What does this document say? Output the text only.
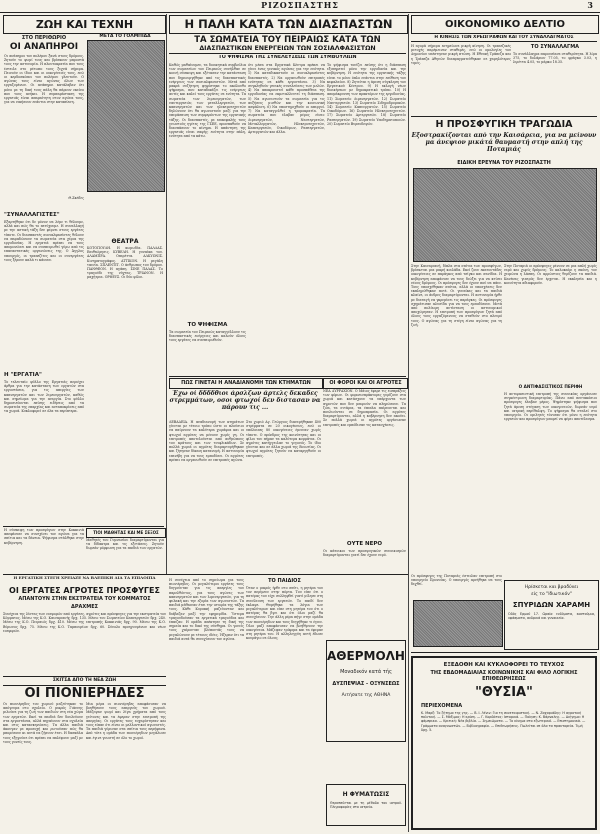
ΡΙΖΟΣΠΑΣΤΗΣ	3
ΖΩΗ ΚΑΙ ΤΕΧΝΗ
ΣΤΟ ΠΕΡΙΘΩΡΙΟ
ΟΙ ΑΝΑΠΗΡΟΙ
Οι ανάπηροι του πολέμου ξανά στους δρόμους. Ζητούν το ψωμί τους και βρίσκουν μπροστά τους την αστυνομία. Η πλουτοκρατία που τους έστειλε στο μέτωπο τους ξεχνά σήμερα. Πεινούν οι ίδιοι και οι οικογένειές τους, ενώ οι κερδοσκόποι του πολέμου γλεντούν. Ο αγώνας τους είναι αγώνας όλων των εργαζομένων. Οι ανάπηροι κατάλαβαν ότι μόνο με τη δική τους πάλη θα πάρουν εκείνο που τους ανήκει. Η συμπαράσταση της εργατιάς είναι απαραίτητη στον αγώνα τους, για να νικήσουν ενάντια στην καταπίεση.
ΜΕΤΑ ΤΟ ΓΟΛΜΠΙΔΑ
Θ.Σκέδες
"ΣΥΝΑΛΛΑΓΙΣΤΕΣ"
Εξαρτήθηκε ότι δε μόνον να λέμε τι θέλουμε, αλλά και πώς θα το πετύχουμε. Η συναλλαγή με την αστική τάξη δεν φέρνει στους εργάτες τίποτε. Οι διασπαστές σοσιαλφασίστες θέλουν να παραδώσουν τα σωματεία στα χέρια της εργοδοσίας. Η εργατιά πρέπει να τους απομονώσει και να συσπειρωθεί γύρω από τις επαναστατικές οργανώσεις της. Ο Άγγλος υπουργός, οι τραπεζίτες και οι συνεργάτες τους ξέρουν καλά τι κάνουν.
Η "ΕΡΓΑΤΙΑ"
Το τελευταίο φύλλο της Εργατιάς περιέχει άρθρα για την κατάσταση των εργατών στα εργοστάσια, για τις απεργίες των καπνεργατών και των λιμενεργατών, καθώς και σημείωμα για την ανεργία. Στο φύλλο δημοσιεύονται επίσης ειδήσεις από τα σωματεία της επαρχίας και ανταποκρίσεις από τα χωριά. Κυκλοφορεί σε όλα τα περίπτερα.
ΘΕΑΤΡΑ
ΚΟΤΟΠΟΥΛΗ. Η κωμωδία. ΠΑΛΛΑΣ. Επιθεώρησις. ΚΥΒΕΛΗ. Η γυναίκα του. ΑΛΑΜΠΡΑ. Οπερέττα. ΑΛΚΥΩΝΙΣ. Κινηματογράφος. ΑΤΤΙΚΟΝ. Η μεγάλη ταινία. ΣΠΛΕΝΤΙΤ. Ο άνθρωπος του δρόμου. ΠΑΝΘΕΟΝ. Η αγάπη. ΣΙΝΕ ΠΑΛΑΣ. Το τραγούδι της νύχτας. ΤΡΙΑΝΟΝ. Η μαχήτρια. ΟΡΦΕΥΣ. Οι δύο φίλοι.
ΤΙΟΙ ΜΑΘΗΤΑΣ ΚΑΙ ΜΕ ΣΕΞΟΣ
Μαθητές του Γυμνασίου διαμαρτύρονται για τα δίδακτρα και τις εξετάσεις. Ζητούν δωρεάν μόρφωση για τα παιδιά των εργατών.
Η σύσκεψη των προσφύγων στην Κοκκινιά απεφάσισε να συνεχίσει τον αγώνα για τα σπίτια και τα δάνεια. Ψήφισμα στάλθηκε στην κυβέρνηση.
Η ΠΑΛΗ ΚΑΤΑ ΤΩΝ ΔΙΑΣΠΑΣΤΩΝ
ΤΑ ΣΩΜΑΤΕΙΑ ΤΟΥ ΠΕΙΡΑΙΩΣ ΚΑΤΑ ΤΩΝ
ΔΙΑΣΠΑΣΤΙΚΩΝ ΕΝΕΡΓΕΙΩΝ ΤΩΝ ΣΟΣΙΑΛΦΑΣΙΣΤΩΝ
ΤΟ ΨΗΦΙΣΜΑ ΤΗΣ ΣΥΝΕΛΕΥΣΕΩΣ ΤΩΝ ΣΥΜΒΟΥΛΙΩΝ
Καθώς μαθαίνομεν, τα διοικητικά συμβούλια των σωματείων του Πειραιώς συνήλθαν σε κοινή σύσκεψη και εξέτασαν την κατάσταση που δημιουργήθηκε από τις διασπαστικές ενέργειες των σοσιαλφασιστών. Μετά από μακρά συζήτηση ψηφίστηκε το ακόλουθο ψήφισμα, που καταδικάζει τις ενέργειες αυτές και καλεί τους εργάτες σε ενότητα. Τα σωματεία των λιμενεργατών, των ναυτεργατών, των μεταλλεργατών, των καπνεργατών και των ηλεκτροτεχνιτών δηλώνουν ότι θα αγωνιστούν μαζί για την υπεράσπιση των συμφερόντων της εργατικής τάξης. Οι διασπαστές, με επικεφαλής τους γνωστούς ηγέτες της ΓΣΕΕ, προσπαθούν να διασπάσουν το κίνημα. Η απάντηση της εργατιάς είναι σαφής: ενότητα στην πάλη, ενότητα από τα κάτω.
ΤΟ ΨΗΦΙΣΜΑ
Τα σωματεία του Πειραιώς καταγγέλλουν τις διασπαστικές ενέργειες και καλούν όλους τους εργάτες να συσπειρωθούν.
ότι μέσα στα Εργατικά Κέντρα πρέπει να γίνει ένας γενικός αγώνας για την ενότητα. 1) Να καταδικαστούν οι σοσιαλφασίστες διασπαστές. 2) Να οργανωθούν επιτροπές ενότητας σε κάθε εργοστάσιο. 3) Να συγκληθούν γενικές συνελεύσεις των μελών. 4) Να αποκρουστεί κάθε προσπάθεια της εργοδοσίας να εκμεταλλευτεί τη διάσπαση. 5) Να αγωνιστούν τα σωματεία για τις αυξήσεις μισθών και την κοινωνική ασφάλιση. 6) Να υποστηριχθούν οι απεργοί. 7) Να καταγγελθεί η τρομοκρατία. Τα σωματεία που έλαβαν μέρος είναι: Λιμενεργατών, Ναυτεργατών, Μεταλλεργατών, Ηλεκτροτεχνιτών, Καπνεργατών, Οικοδόμων, Ραπτεργατών, Αρτεργατών και άλλα.
Το ψήφισμα τονίζει επίσης ότι η διάσπαση εξυπηρετεί μόνο την εργοδοσία και την κυβέρνηση. Η ενότητα της εργατικής τάξης είναι το μόνο όπλο ενάντια στην επίθεση του κεφαλαίου. 8) Ζητείται η άμεση σύγκληση του Εργατικού Κέντρου. 9) Η εκλογή νέων διοικήσεων με δημοκρατικό τρόπο. 10) Η απομάκρυνση των πρακτόρων της εργοδοσίας. 11) Σωματείο Λιμενεργατών. 12) Σωματείο Ναυτεργατών. 13) Σωματείο Σιδηροδρομικών. 14) Σωματείο Καπνεργατών. 15) Σωματείο Οικοδόμων. 16) Σωματείο Ηλεκτροτεχνιτών. 17) Σωματείο Αρτεργατών. 18) Σωματείο Ραπτεργατών. 19) Σωματείο Υποδηματοποιών. 20) Σωματείο Βυρσοδεψών.
ΠΩΣ ΓΙΝΕΤΑΙ Η ΑΝΑΔΙΑΝΟΜΗ ΤΩΝ ΚΤΗΜΑΤΩΝ
Έχω οί δδδδθιοι άρσλζων άρτελς δεκαδες στρεμμάτων, οσοι φτωχοί δεν διστασαν να πάρουν τις ...
ΛΕΒΑΔΕΙΑ. Η αναδιανομή των κτημάτων γίνεται με τέτοιο τρόπο ώστε οι πλούσιοι να παίρνουν τα καλύτερα χωράφια και οι φτωχοί αγρότες να μένουν χωρίς γη. Οι επιτροπές αποτελούνται από ανθρώπους του κράτους και των τσιφλικάδων. Σε πολλά χωριά οι αγρότες διαμαρτυρήθηκαν και ζήτησαν δίκαιη κατανομή. Η αστυνομία επενέβη για να τους εμποδίσει. Οι αγρότες πρέπει να οργανωθούν σε επιτροπές αγώνα.
Στο χωριό Αγ. Γεώργιος διανεμήθηκαν 400 στρέμματα σε 20 οικογένειες, ενώ οι υπόλοιπες 80 οικογένειες έμειναν χωρίς τίποτε. Ο πρόεδρος της κοινότητας και οι φίλοι του πήραν τα καλύτερα κομμάτια. Οι αγρότες κατήγγειλαν το γεγονός. Το ίδιο γίνεται και σε άλλα χωριά της Βοιωτίας. Οι φτωχοί αγρότες ζητούν να καταργηθούν οι επιτροπές.
ΟΙ ΦΟΡΟΙ ΚΑΙ ΟΙ ΑΓΡΟΤΕΣ
ΝΕΑ ΔΥΡΡΑΧΙΟΝ. Ο Μάιος έφερε τις εισπράξεις των φόρων. Οι φοροεισπράκτορες γυρίζουν στα χωριά και κατάσχουν τα υπάρχοντα των αγροτών που δεν μπορούν να πληρώσουν. Τα ζώα, τα σιτάρια, τα έπιπλα παίρνονται και πουλιούνται σε δημοπρασία. Οι αγρότες διαμαρτύρονται, αλλά η κυβέρνηση δεν ακούει. Σε πολλά χωριά οι αγρότες οργάνωσαν επιτροπές και εμπόδισαν τις κατασχέσεις.
ΟΥΤΕ ΝΕΡΟ
Οι κάτοικοι των προσφυγικών συνοικισμών διαμαρτύρονται γιατί δεν έχουν νερό.
Η ΕΡΓΑΤΙΚΗ ΣΤΕΓΗ ΧΡΕΙΑΖΕ ΝΑ ΒΛΕΠΙΚΗ ΔΙΑ ΤΑ ΕΠΙΛΟΙΠΑ
ΟΙ ΕΡΓΑΤΕΣ ΑΓΡΟΤΕΣ ΠΡΟΣΦΥΓΕΣ
ΑΠΑΝΤΟΥΝ ΣΤΗΝ ΕΚΣΤΡΑΤΕΙΑ ΤΟΥ ΚΟΜΜΑΤΟΣ
ΔΡΑΧΜΕΣ
Συνέχεια της λίστας των εισφορών από εργάτες, αγρότες και πρόσφυγες για την εκστρατεία του Κόμματος. Μέσω της Κ.Ο. Καισαριανής δρχ. 135. Μέσω του Σωματείου Καπνεργατών δρχ. 240. Μέσω της Κ.Ο. Πειραιώς δρχ. 410. Μέσω της επιτροπής Κοκκινιάς δρχ. 90. Μέσω της Κ.Ο. Βύρωνος δρχ. 75. Μέσω της Κ.Ο. Ταμπουρίων δρχ. 60. Σύνολο προηγουμένων και νέων εισφορών.
ΣΚΙΤΣΑ ΑΠΟ ΤΗ ΝΕΑ ΖΩΗ
ΟΙ ΠΙΟΝΙΕΡΗΔΕΣ
Οι πιονιέρηδες του χωριού μαζεύτηκαν το απόγευμα στο σχολείο. Ο μικρός Γιάννης μιλούσε για τη ζωή των παιδιών στη νέα χώρα των εργατών. Εκεί τα παιδιά δεν δουλεύουν στα εργοστάσια, αλλά πηγαίνουν στα σχολεία και στις κατασκηνώσεις. Τα άλλα παιδιά άκουγαν με προσοχή και ρωτούσαν πώς θα μπορέσουν κι αυτά να ζήσουν έτσι. Η δασκάλα τους εξηγούσε ότι πρέπει να παλέψουν μαζί με τους γονείς τους.
Μια μέρα οι πιονιέρηδες αποφάσισαν να βοηθήσουν τους απεργούς του χωριού. Μάζεψαν ψωμί και λίγα χρήματα από τους γείτονες και τα έφεραν στην επιτροπή της απεργίας. Οι εργάτες τους ευχαρίστησαν και τους είπαν ότι είναι οι μελλοντικοί αγωνιστές. Τα παιδιά γύρισαν στα σπίτια τους περήφανα. Από τότε η ομάδα των πιονιέρηδων μεγάλωσε και έγινε γνωστή σε όλο το χωριό.
Η συνέχεια από το σημείωμα για τους πιονιέρηδες. Οι μεγαλύτεροι εργάτες τους διηγούνταν για τις απεργίες του παρελθόντος, για τους αγώνες των καπνεργατών και των λιμενεργατών, για τη φυλακή και την εξορία των αγωνιστών. Τα παιδιά μάθαιναν έτσι την ιστορία της τάξης τους. Κάθε Κυριακή μαζεύονταν και διάβαζαν μαζί την εφημερίδα. Ύστερα τραγουδούσαν τα εργατικά τραγούδια και έπαιζαν. Η ομάδα απέκτησε τη δική της σημαία και το δικό της σύνθημα. Οι γονείς τους χαίρονταν βλέποντάς τους να μεγαλώνουν με τέτοιες ιδέες. Ήξεραν ότι τα παιδιά αυτά θα συνεχίσουν τον αγώνα.
ΤΟ ΠΑΙΔΙΟΣ
Όταν ο μικρός ήρθε στο σπίτι, η μητέρα του τον περίμενε στην πόρτα. Του είπε ότι ο πατέρας του είχε συλληφθεί γιατί μίλησε στη συνέλευση των εργατών. Το παιδί δεν έκλαψε. Θυμήθηκε τα λόγια των μεγαλύτερων και είπε στη μητέρα του ότι ο πατέρας θα βγει και ότι όλοι μαζί θα συνεχίσουν. Την άλλη μέρα πήγε στην ομάδα των πιονιέρηδων και τους διηγήθηκε τι έγινε. Όλοι μαζί αποφάσισαν να βοηθήσουν την οικογένεια. Μάζεψαν τρόφιμα και τα έφεραν στη μητέρα του. Η αλληλεγγύη αυτή έδωσε κουράγιο σε όλους.
ΑΘΕΡΜΟΛΗ
Μοναδικόν κατά τής
ΔΥΣΠΕΨΙΑΣ - ΟΞΥΝΣΕΩΣ
Αιτήσατε της ΑΘΗΝΑ
Η ΦΥΜΑΤΩΣΙΣ
Θεραπεύεται με τη μέθοδο του ιατρού. Πληροφορίες στο ιατρείο.
ΟΙΚΟΝΟΜΙΚΟ ΔΕΛΤΙΟ
Η ΚΙΝΗΣΙΣ ΤΩΝ ΧΡΕΩΓΡΑΦΩΝ ΚΑΙ ΤΟΥ ΣΥΝΑΛΛΑΓΜΑΤΟΣ
Η αγορά σήμερα εσημείωσε μικρή κίνηση. Οι τραπεζικές μετοχές παρέμειναν σταθερές, ενώ οι ομολογίες του Δημοσίου υπέστησαν μικρή πτώση. Η Εθνική Τράπεζα και η Τράπεζα Αθηνών διαπραγματεύθηκαν σε χαμηλότερες τιμές.
ΤΟ ΣΥΝΑΛΛΑΓΜΑ
Το συνάλλαγμα παρουσίασε σταθερότητα. Η λίρα 375, το δολάριον 77.05, το φράγκο 3.03, η λιρέττα 4.05, το μάρκο 18.35.
Η ΠΡΟΣΦΥΓΙΚΗ ΤΡΑΓΩΔΙΑ
Εξοστρακίζονται από την Καισάρεια, για να μείνουν μα άνεψιον μικάτά θαυμαστή στην απλή της Ποταμιάς
ΕΙΔΙΚΗ ΕΡΕΥΝΑ ΤΟΥ ΡΙΖΟΣΠΑΣΤΗ
Στην Καισαριανή, δίπλα στα σπίτια των προσφύγων, βρίσκεται μια μικρή κοιλάδα. Εκεί ζουν εκατοντάδες οικογένειες σε παράγκες από τσίγκο και σανίδια. Η κυβέρνηση αποφάσισε να τους διώξει για να κτίσει νέους δρόμους. Οι πρόσφυγες δεν έχουν πού να πάνε. Τους υποσχέθηκαν σπίτια, αλλά οι υποσχέσεις δεν εκπληρώθηκαν ποτέ. Οι γυναίκες και τα παιδιά κλαίνε, οι άνδρες διαμαρτύρονται. Η αστυνομία ήρθε με διαταγή να γκρεμίσει τις παράγκες. Οι πρόσφυγες σχημάτισαν αλυσίδα για να τους εμποδίσουν. Μετά από πολύωρη αντίσταση οι αστυνομικοί αποχώρησαν. Η επιτροπή των προσφύγων ζητά από όλους τους εργαζόμενους να σταθούν στο πλευρό τους. Ο αγώνας για τη στέγη είναι αγώνας για τη ζωή.
Ο ΑΝΤΙΦΑΣΙΣΤΙΚΟΣ ΠΕΡΙΦΗ
Στην Ποταμιά οι πρόσφυγες μένουν σε μια απλή χωρίς νερό και χωρίς δρόμους. Το καλοκαίρι η σκόνη, τον χειμώνα η λάσπη. Οι αρρώστιες θερίζουν τα παιδιά. Κανένας γιατρός δεν έρχεται. Η εκκλησία και η κοινότητα αδιαφορούν.
Η αντιφασιστική επιτροπή της συνοικίας οργάνωσε συγκέντρωση διαμαρτυρίας. Πάνω από πεντακόσιοι πρόσφυγες έλαβαν μέρος. Ψηφίστηκε ψήφισμα που ζητά άμεση στέγαση των οικογενειών, δωρεάν νερό και ιατρική περίθαλψη. Το ψήφισμα θα σταλεί στο υπουργείο. Οι ομιλητές τόνισαν ότι μόνο η ενότητα εργατών και προσφύγων μπορεί να φέρει αποτέλεσμα.
Ηρίσκεται και βραδύνει
είς το "Ιδιωτικόν"
ΣΠΥΡΙΔΩΝ ΧΑΡΑΜΗ
Οδός Ερμού 17. Ωραία ενδύματα, κοστούμια, υφάσματα, ανδρικά και γυναικεία.
Οι πρόσφυγες της Ποταμιάς έστειλαν επιτροπή στο υπουργείο Προνοίας. Ο υπουργός αρνήθηκε να τους δεχθεί.
ΕΞΕΔΟΘΗ ΚΑΙ ΚΥΚΛΟΦΟΡΕΙ ΤΟ ΤΕΥΧΟΣ
ΤΗΣ ΕΒΔΟΜΑΔΙΑΙΑΣ ΚΟΙΝΩΝΙΚΗΣ ΚΑΙ ΦΙΛΟ ΛΟΓΙΚΗΣ ΕΠΙΘΕΩΡΗΣΕΩΣ
"ΘΥΣΙΑ"
ΠΕΡΙΕΧΟΜΕΝΑ
Κ. Μαρξ: Το ζήτημα της γης. — Β. Ι. Λένιν: Για τη συνεταιριστική. — Ν. Ζαχαριάδης: Η αγροτική πολιτική. — Σ. Μάξιμος: Η κρίση. — Γ. Κορδάτος: Ιστορικά. — Ποίηση: Κ. Βάρναλης. — Διήγημα: Η φάμπρικα. — Κριτική: Νέα βιβλία. — Σημειώματα. — Το κίνημα στο εξωτερικό. — Επιστημονικά. — Γράμματα αναγνωστών. — Βιβλιογραφία. — Επιθεωρήσεις. Πωλείται σε όλα τα πρακτορεία. Τιμή δρχ. 5.
